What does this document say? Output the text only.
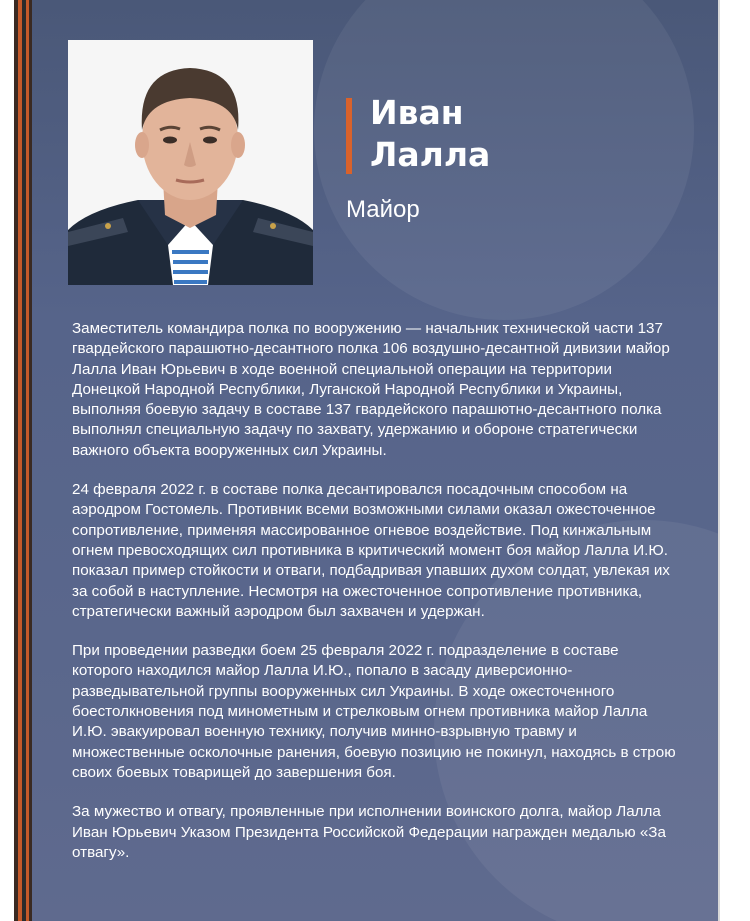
Иван
Лалла
Майор

Заместитель командира полка по вооружению — начальник технической части 137 гвардейского парашютно-десантного полка 106 воздушно-десантной дивизии майор Лалла Иван Юрьевич в ходе военной специальной операции на территории Донецкой Народной Республики, Луганской Народной Республики и Украины, выполняя боевую задачу в составе 137 гвардейского парашютно-десантного полка выполнял специальную задачу по захвату, удержанию и обороне стратегически важного объекта вооруженных сил Украины.

24 февраля 2022 г. в составе полка десантировался посадочным способом на аэродром Гостомель. Противник всеми возможными силами оказал ожесточенное сопротивление, применяя массированное огневое воздействие. Под кинжальным огнем превосходящих сил противника в критический момент боя майор Лалла И.Ю. показал пример стойкости и отваги, подбадривая упавших духом солдат, увлекая их за собой в наступление. Несмотря на ожесточенное сопротивление противника, стратегически важный аэродром был захвачен и удержан.

При проведении разведки боем 25 февраля 2022 г. подразделение в составе которого находился майор Лалла И.Ю., попало в засаду диверсионно-разведывательной группы вооруженных сил Украины. В ходе ожесточенного боестолкновения под минометным и стрелковым огнем противника майор Лалла И.Ю. эвакуировал военную технику, получив минно-взрывную травму и множественные осколочные ранения, боевую позицию не покинул, находясь в строю своих боевых товарищей до завершения боя.

За мужество и отвагу, проявленные при исполнении воинского долга, майор Лалла Иван Юрьевич Указом Президента Российской Федерации награжден медалью «За отвагу».
